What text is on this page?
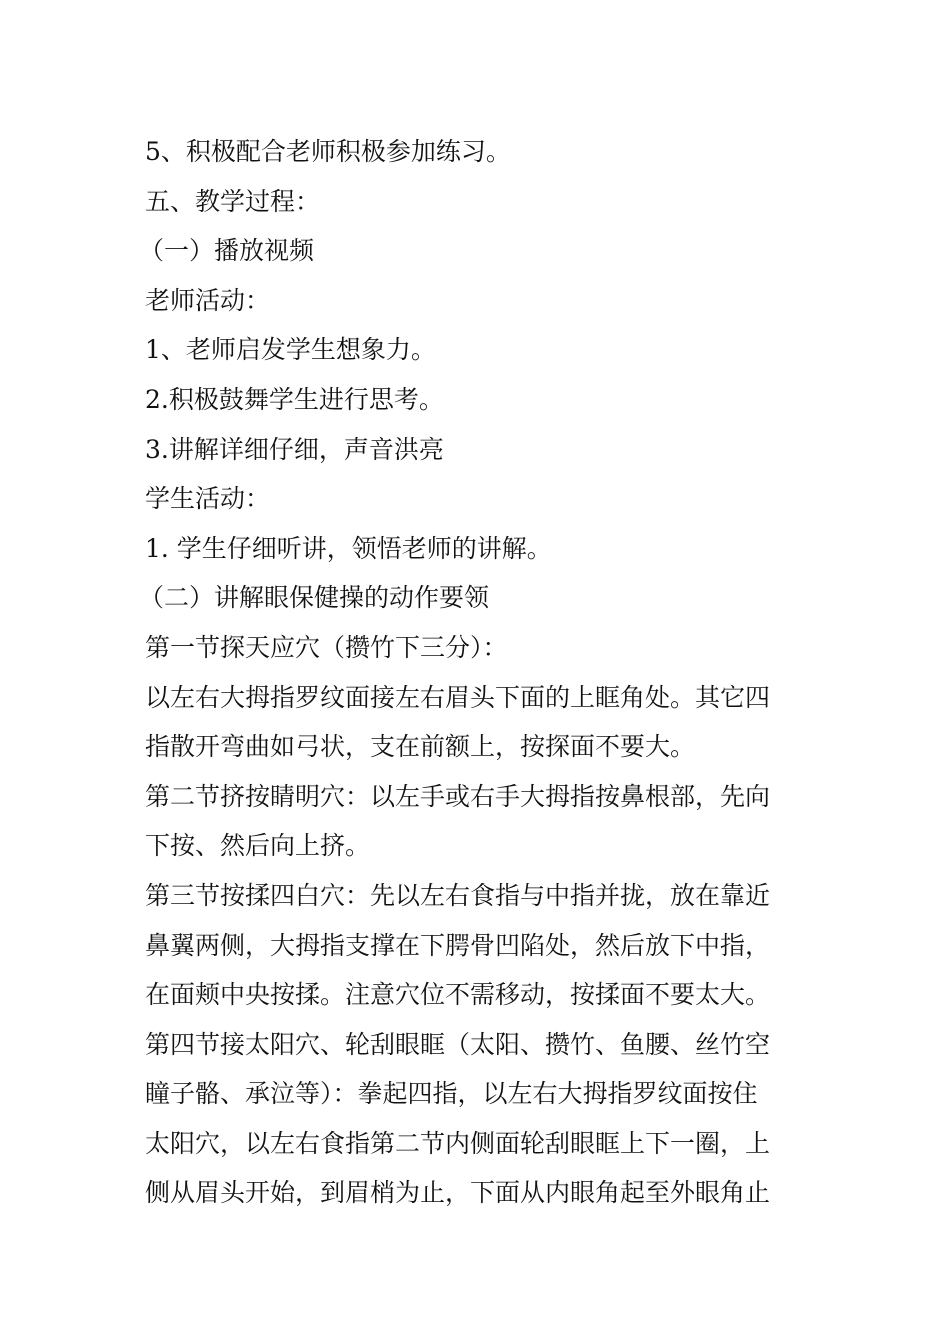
5、积极配合老师积极参加练习。
五、教学过程：
（一）播放视频
老师活动：
1、老师启发学生想象力。
2.积极鼓舞学生进行思考。
3.讲解详细仔细，声音洪亮
学生活动：
1. 学生仔细听讲，领悟老师的讲解。
（二）讲解眼保健操的动作要领
第一节探天应穴（攒竹下三分）：
以左右大拇指罗纹面接左右眉头下面的上眶角处。其它四
指散开弯曲如弓状，支在前额上，按探面不要大。
第二节挤按睛明穴：以左手或右手大拇指按鼻根部，先向
下按、然后向上挤。
第三节按揉四白穴：先以左右食指与中指并拢，放在靠近
鼻翼两侧，大拇指支撑在下腭骨凹陷处，然后放下中指，
在面颊中央按揉。注意穴位不需移动，按揉面不要太大。
第四节接太阳穴、轮刮眼眶（太阳、攒竹、鱼腰、丝竹空
瞳子骼、承泣等）：拳起四指，以左右大拇指罗纹面按住
太阳穴，以左右食指第二节内侧面轮刮眼眶上下一圈，上
侧从眉头开始，到眉梢为止，下面从内眼角起至外眼角止
